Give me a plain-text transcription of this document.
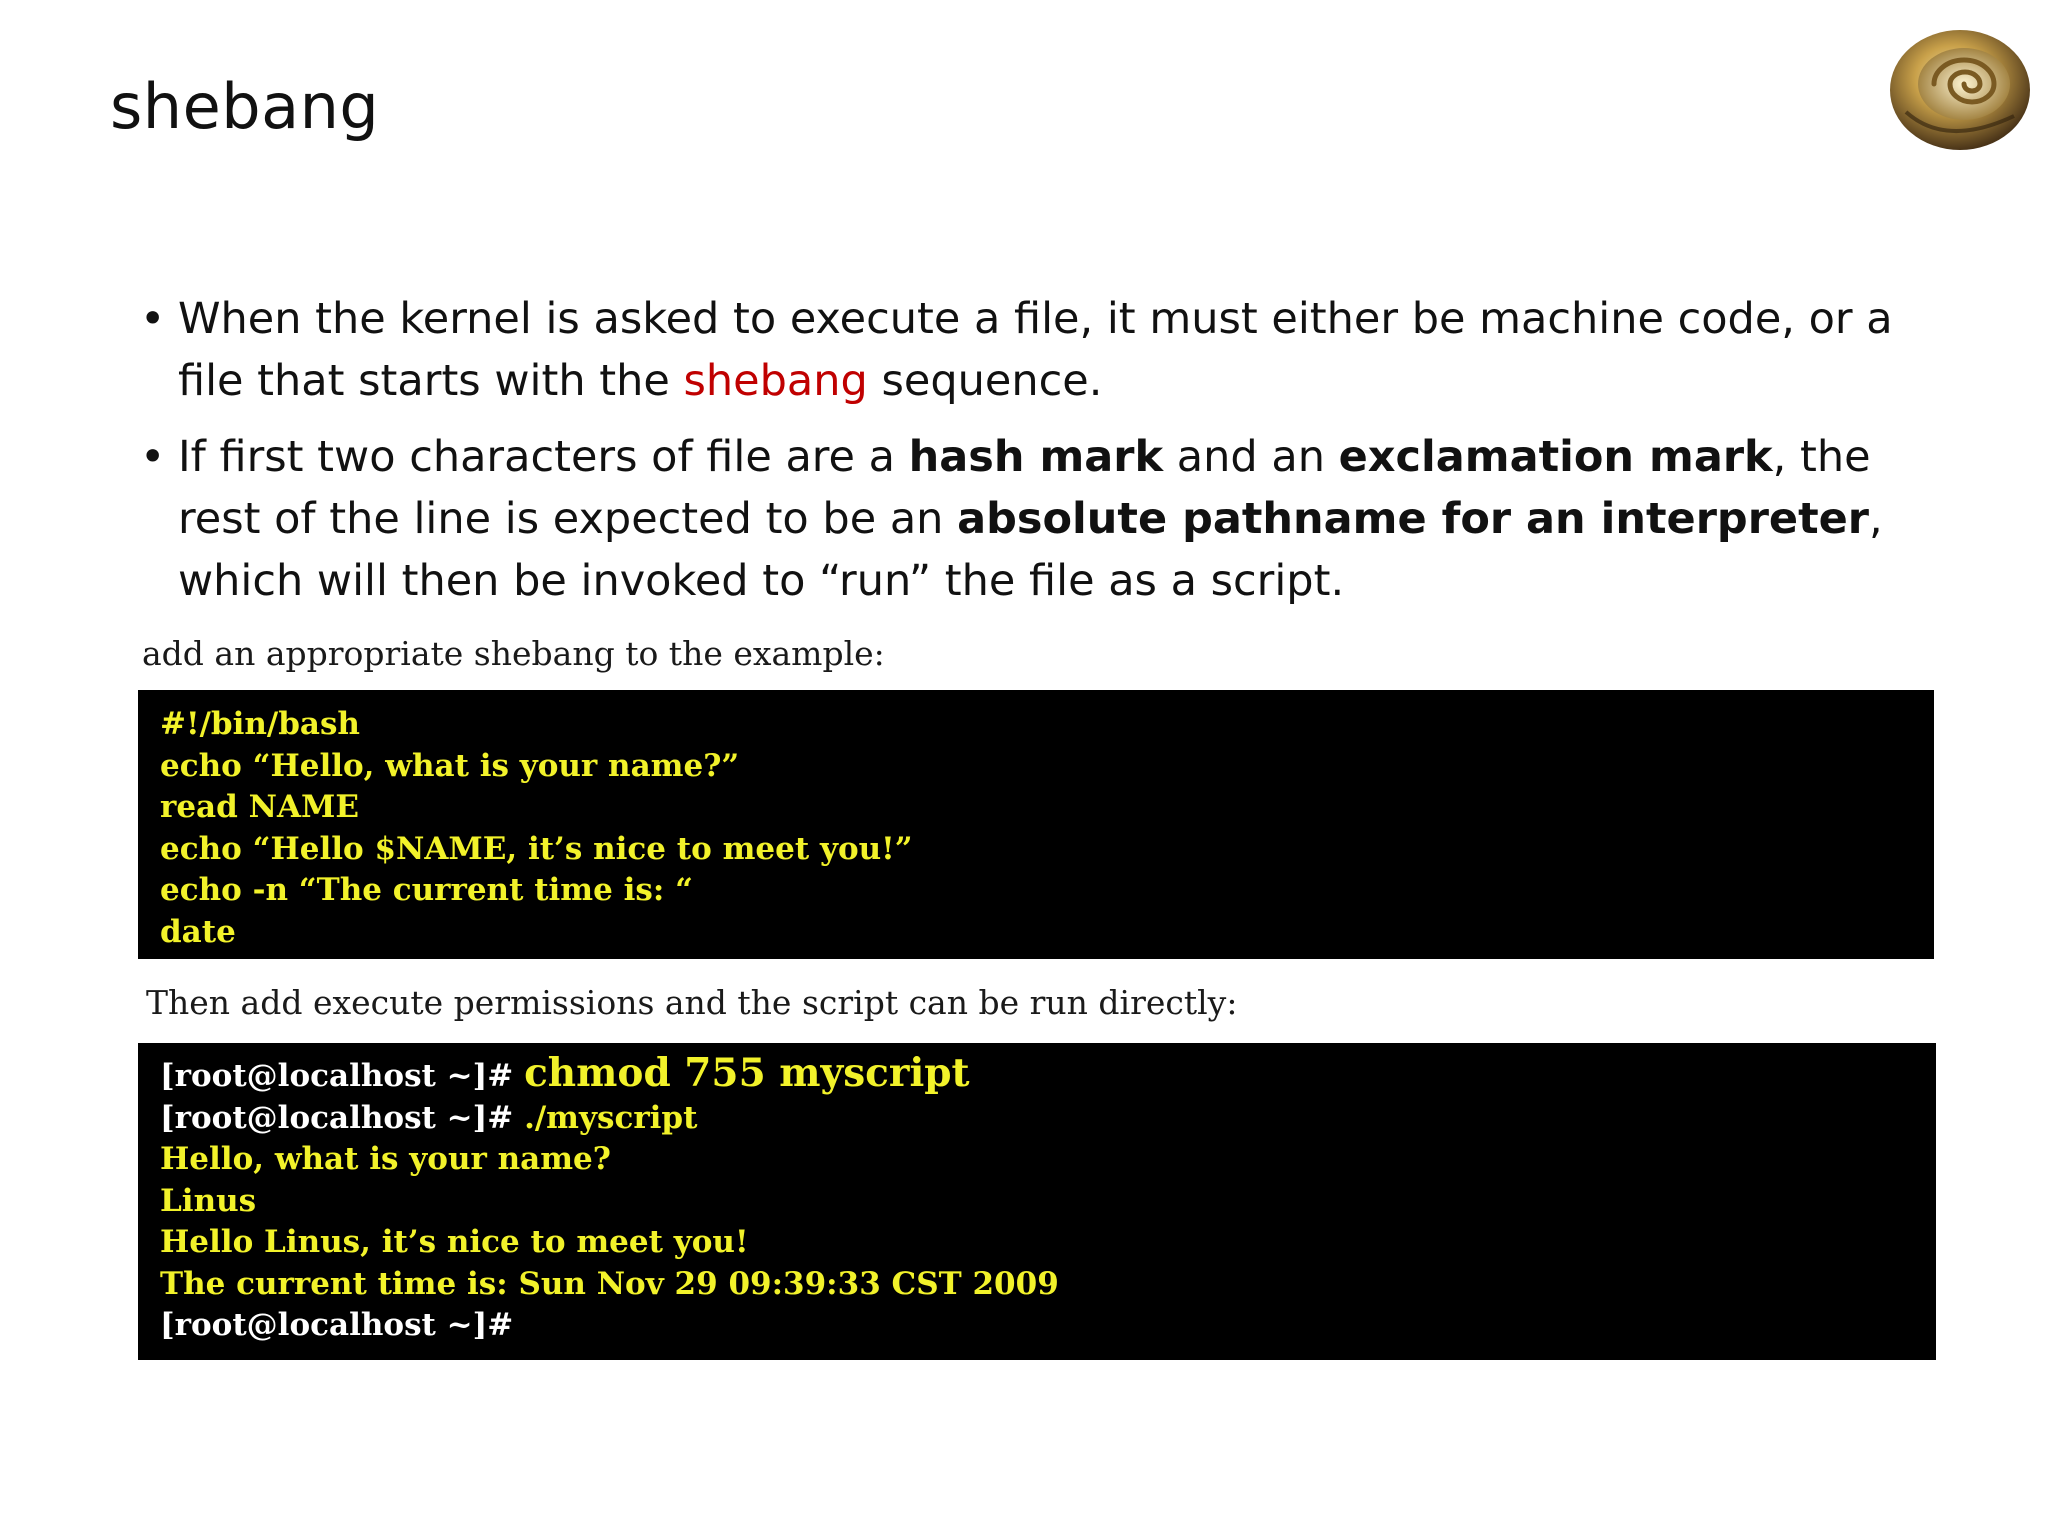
shebang
• When the kernel is asked to execute a file, it must either be machine code, or a file that starts with the shebang sequence.
• If first two characters of file are a hash mark and an exclamation mark, the rest of the line is expected to be an absolute pathname for an interpreter, which will then be invoked to “run” the file as a script.

add an appropriate shebang to the example:

#!/bin/bash
echo “Hello, what is your name?”
read NAME
echo “Hello $NAME, it’s nice to meet you!”
echo -n “The current time is: “
date

Then add execute permissions and the script can be run directly:

[root@localhost ~]# chmod 755 myscript
[root@localhost ~]# ./myscript
Hello, what is your name?
Linus
Hello Linus, it’s nice to meet you!
The current time is: Sun Nov 29 09:39:33 CST 2009
[root@localhost ~]#
